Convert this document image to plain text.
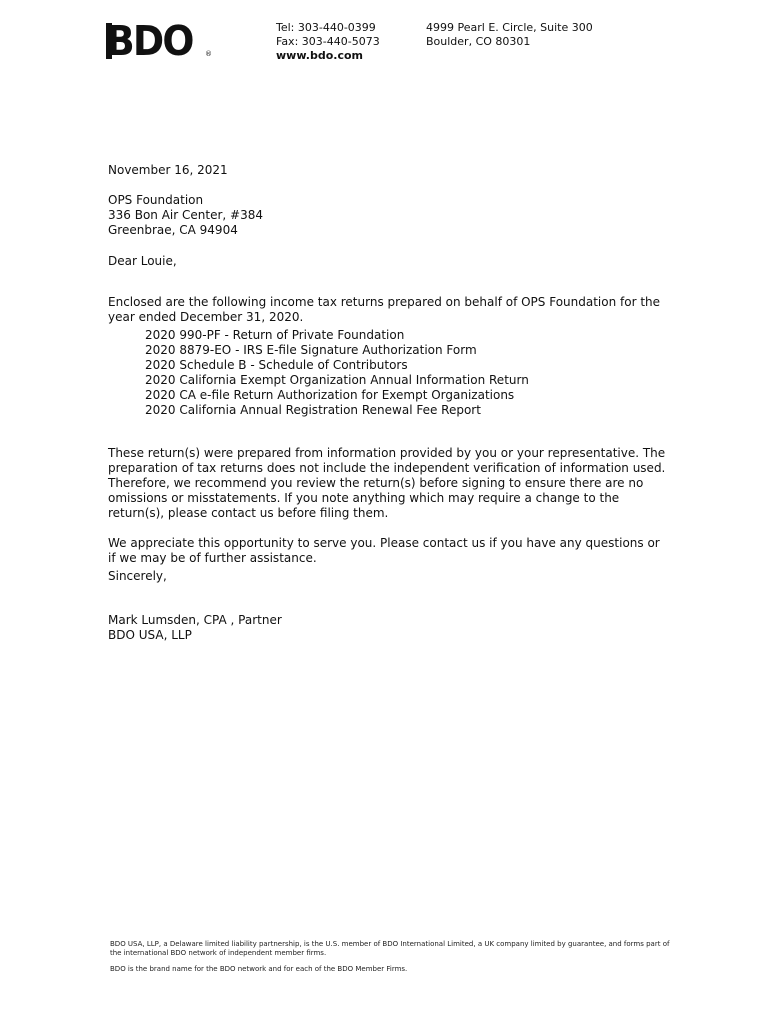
BDO	®
Tel: 303-440-0399
Fax: 303-440-5073
www.bdo.com
4999 Pearl E. Circle, Suite 300
Boulder, CO 80301
November 16, 2021
OPS Foundation
336 Bon Air Center, #384
Greenbrae, CA 94904
Dear Louie,

Enclosed are the following income tax returns prepared on behalf of OPS Foundation for the year ended December 31, 2020.

2020 990-PF - Return of Private Foundation
2020 8879-EO - IRS E-file Signature Authorization Form
2020 Schedule B - Schedule of Contributors
2020 California Exempt Organization Annual Information Return
2020 CA e-file Return Authorization for Exempt Organizations
2020 California Annual Registration Renewal Fee Report

These return(s) were prepared from information provided by you or your representative. The preparation of tax returns does not include the independent verification of information used. Therefore, we recommend you review the return(s) before signing to ensure there are no omissions or misstatements. If you note anything which may require a change to the return(s), please contact us before filing them.

We appreciate this opportunity to serve you. Please contact us if you have any questions or if we may be of further assistance.

Sincerely,
Mark Lumsden, CPA , Partner
BDO USA, LLP
BDO USA, LLP, a Delaware limited liability partnership, is the U.S. member of BDO International Limited, a UK company limited by guarantee, and forms part of the international BDO network of independent member firms.
BDO is the brand name for the BDO network and for each of the BDO Member Firms.
